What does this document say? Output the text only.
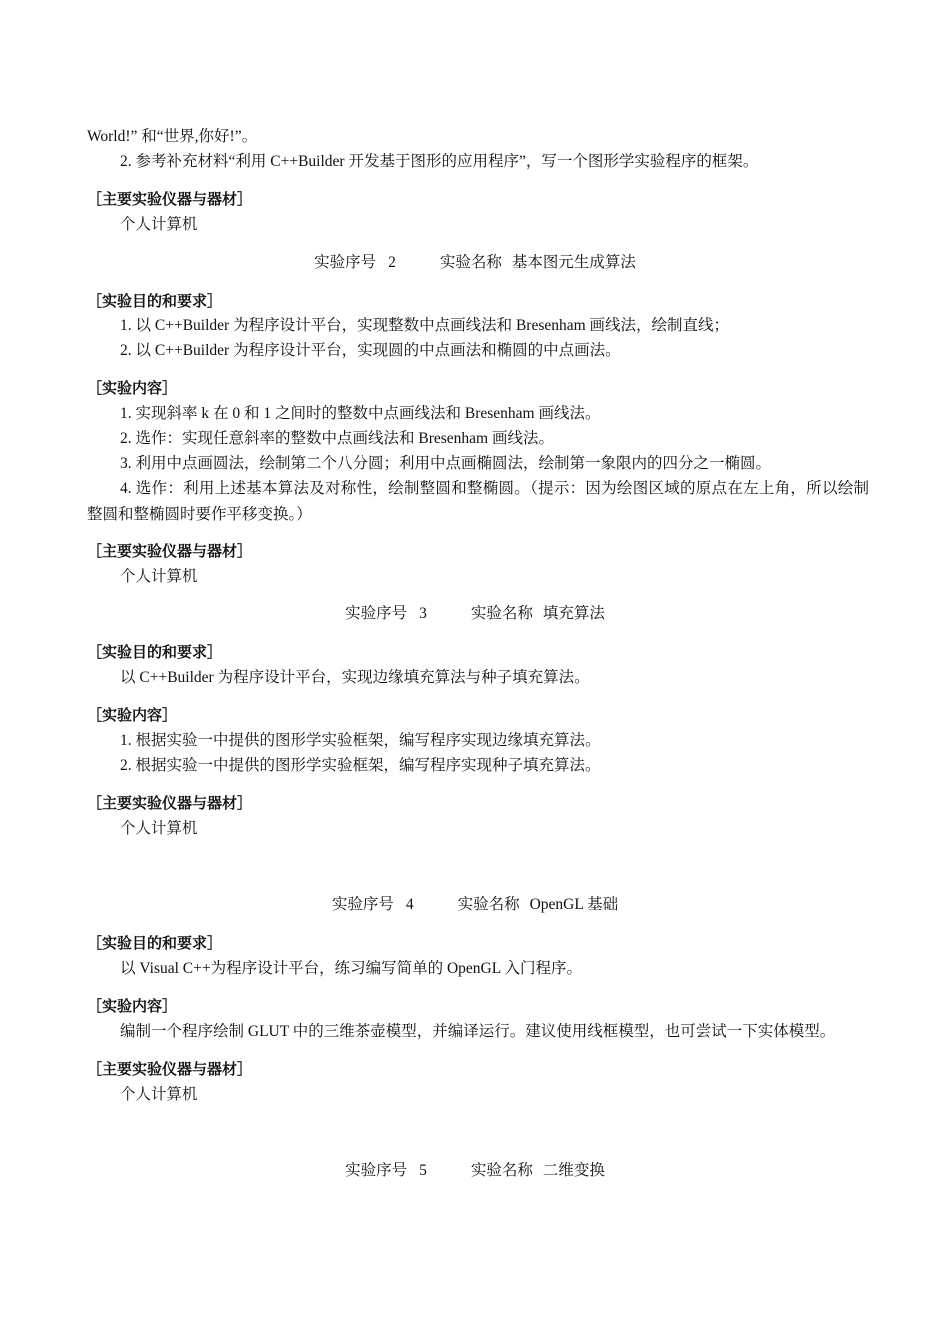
World!” 和“世界,你好!”。
2. 参考补充材料“利用 C++Builder 开发基于图形的应用程序”，写一个图形学实验程序的框架。
［主要实验仪器与器材］
个人计算机
实验序号 2	实验名称 基本图元生成算法
［实验目的和要求］
1. 以 C++Builder 为程序设计平台，实现整数中点画线法和 Bresenham 画线法，绘制直线；
2. 以 C++Builder 为程序设计平台，实现圆的中点画法和椭圆的中点画法。
［实验内容］
1. 实现斜率 k 在 0 和 1 之间时的整数中点画线法和 Bresenham 画线法。
2. 选作：实现任意斜率的整数中点画线法和 Bresenham 画线法。
3. 利用中点画圆法，绘制第二个八分圆；利用中点画椭圆法，绘制第一象限内的四分之一椭圆。
4. 选作：利用上述基本算法及对称性，绘制整圆和整椭圆。（提示：因为绘图区域的原点在左上角，所以绘制整圆和整椭圆时要作平移变换。）
［主要实验仪器与器材］
个人计算机
实验序号 3	实验名称 填充算法
［实验目的和要求］
以 C++Builder 为程序设计平台，实现边缘填充算法与种子填充算法。
［实验内容］
1. 根据实验一中提供的图形学实验框架，编写程序实现边缘填充算法。
2. 根据实验一中提供的图形学实验框架，编写程序实现种子填充算法。
［主要实验仪器与器材］
个人计算机
实验序号 4	实验名称 OpenGL 基础
［实验目的和要求］
以 Visual C++为程序设计平台，练习编写简单的 OpenGL 入门程序。
［实验内容］
编制一个程序绘制 GLUT 中的三维茶壶模型，并编译运行。建议使用线框模型，也可尝试一下实体模型。
［主要实验仪器与器材］
个人计算机
实验序号 5	实验名称 二维变换
